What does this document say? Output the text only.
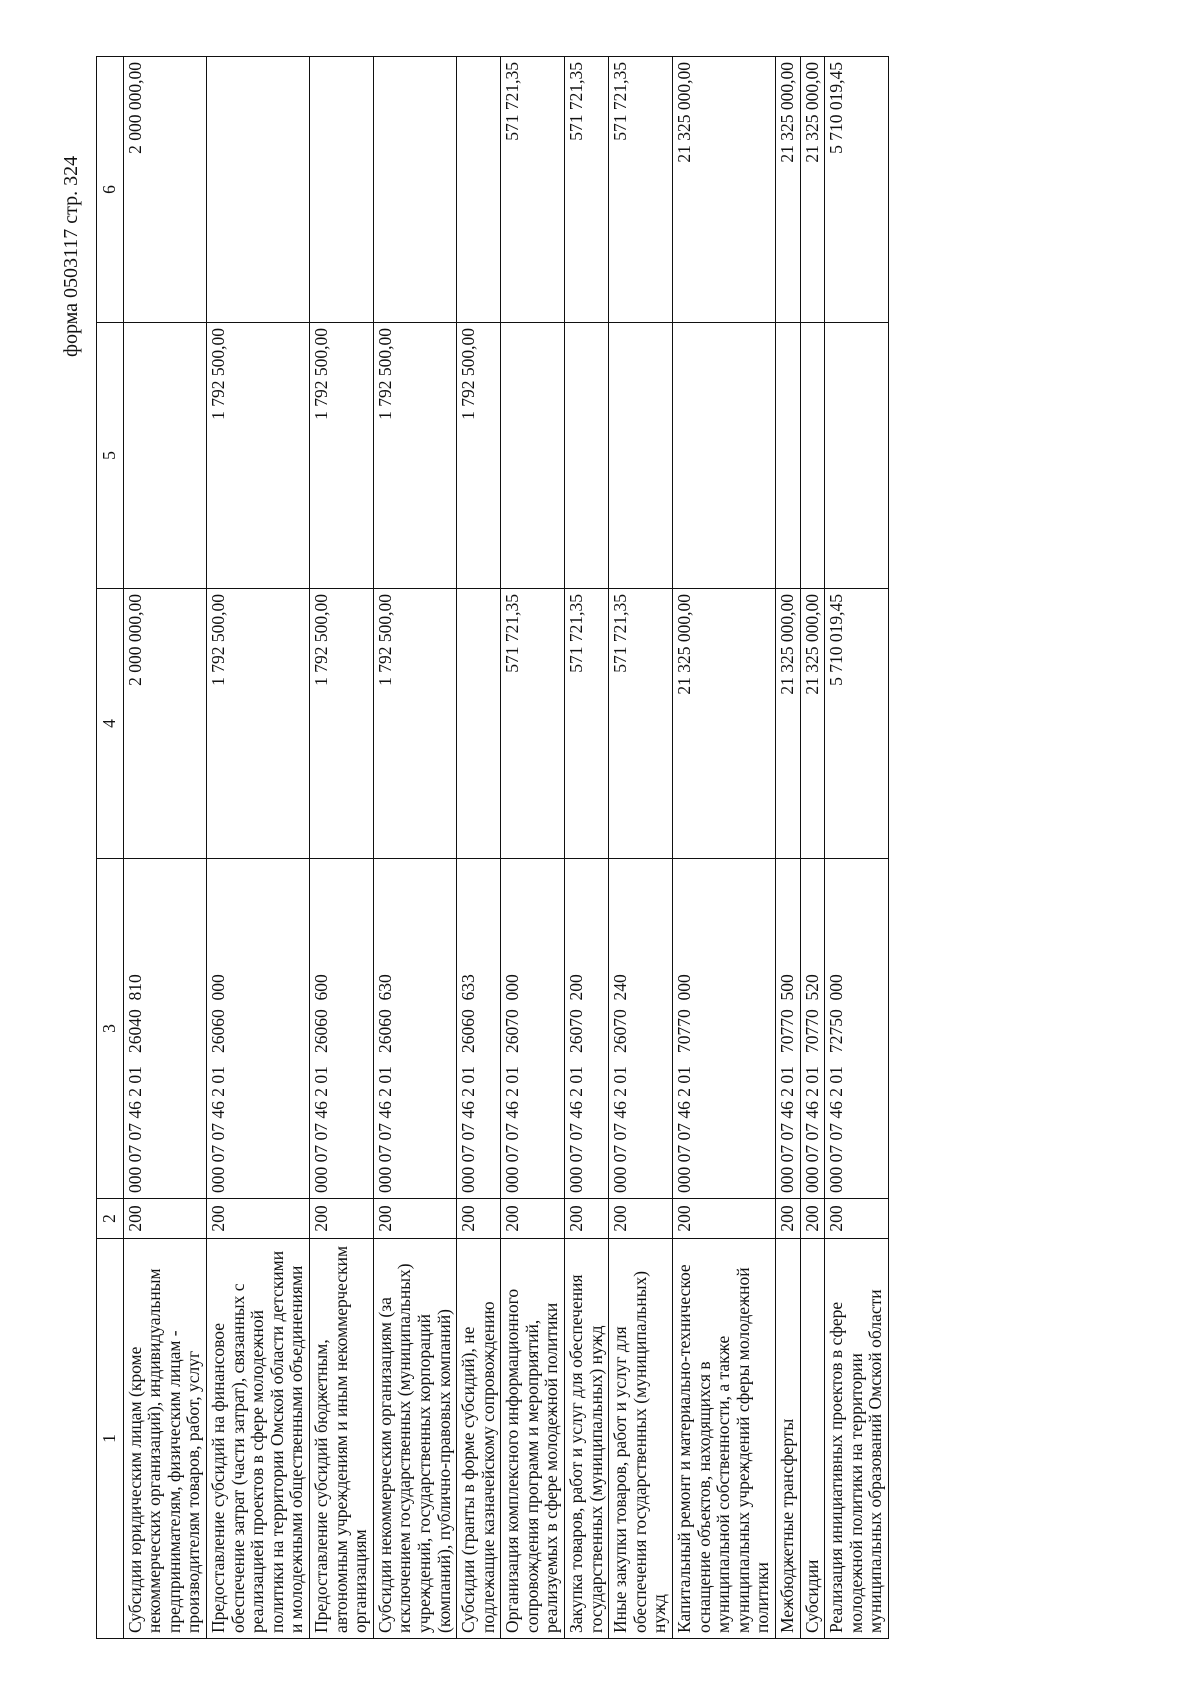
форма 0503117 стр. 324
1	2	3	4	5	6
Субсидии юридическим лицам (кроме некоммерческих организаций), индивидуальным предпринимателям, физическим лицам - производителям товаров, работ, услуг	200	000 07 07 46 2 01   26040  810	2 000 000,00		2 000 000,00
Предоставление субсидий на финансовое обеспечение затрат (части затрат), связанных с реализацией проектов в сфере молодежной политики на территории Омской области детскими и молодежными общественными объединениями	200	000 07 07 46 2 01   26060  000	1 792 500,00	1 792 500,00	
Предоставление субсидий бюджетным, автономным учреждениям и иным некоммерческим организациям	200	000 07 07 46 2 01   26060  600	1 792 500,00	1 792 500,00	
Субсидии некоммерческим организациям (за исключением государственных (муниципальных) учреждений, государственных корпораций (компаний), публично-правовых компаний)	200	000 07 07 46 2 01   26060  630	1 792 500,00	1 792 500,00	
Субсидии (гранты в форме субсидий), не подлежащие казначейскому сопровождению	200	000 07 07 46 2 01   26060  633		1 792 500,00	
Организация комплексного информационного сопровождения программ и мероприятий, реализуемых в сфере молодежной политики	200	000 07 07 46 2 01   26070  000	571 721,35		571 721,35
Закупка товаров, работ и услуг для обеспечения государственных (муниципальных) нужд	200	000 07 07 46 2 01   26070  200	571 721,35		571 721,35
Иные закупки товаров, работ и услуг для обеспечения государственных (муниципальных) нужд	200	000 07 07 46 2 01   26070  240	571 721,35		571 721,35
Капитальный ремонт и материально-техническое оснащение объектов, находящихся в муниципальной собственности, а также муниципальных учреждений сферы молодежной политики	200	000 07 07 46 2 01   70770  000	21 325 000,00		21 325 000,00
Межбюджетные трансферты	200	000 07 07 46 2 01   70770  500	21 325 000,00		21 325 000,00
Субсидии	200	000 07 07 46 2 01   70770  520	21 325 000,00		21 325 000,00
Реализация инициативных проектов в сфере молодежной политики на территории муниципальных образований Омской области	200	000 07 07 46 2 01   72750  000	5 710 019,45		5 710 019,45
